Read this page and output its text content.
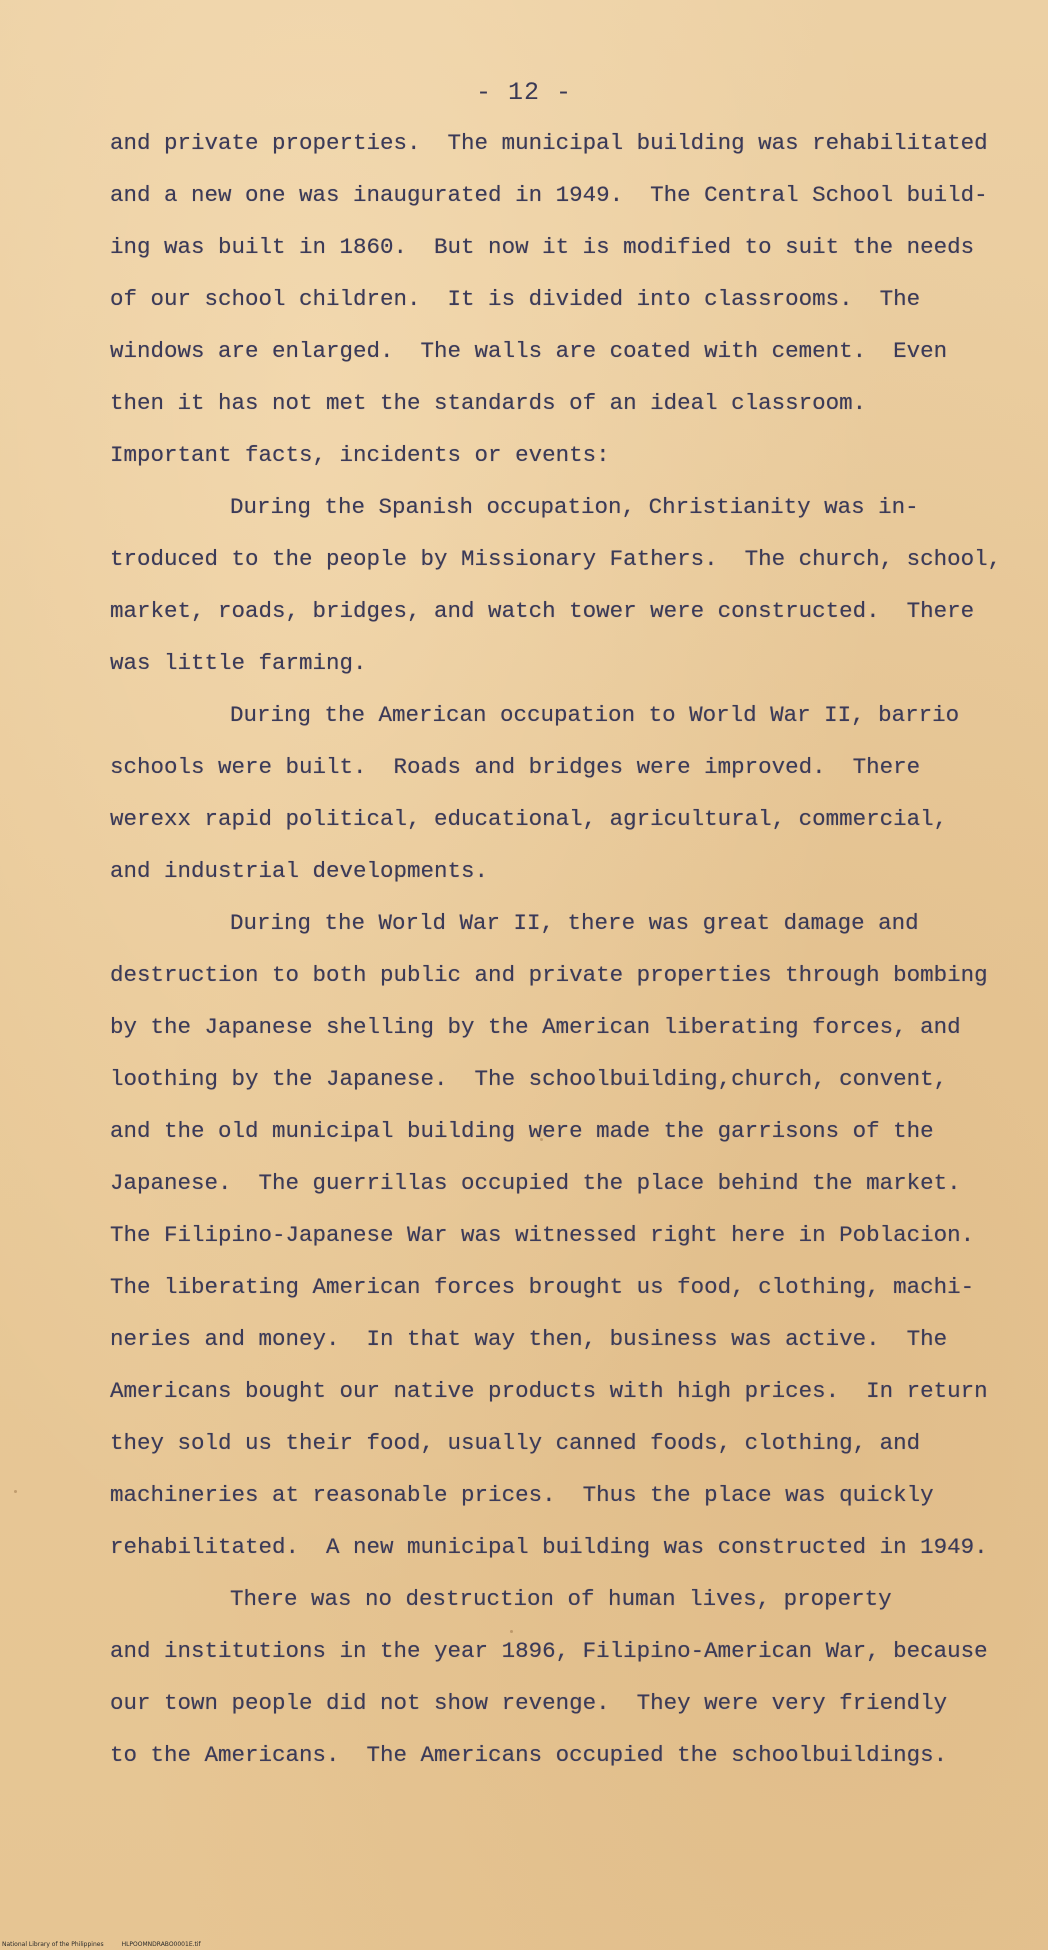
- 12 -
and private properties.  The municipal building was rehabilitated
and a new one was inaugurated in 1949.  The Central School build-
ing was built in 1860.  But now it is modified to suit the needs
of our school children.  It is divided into classrooms.  The
windows are enlarged.  The walls are coated with cement.  Even
then it has not met the standards of an ideal classroom.
Important facts, incidents or events:
During the Spanish occupation, Christianity was in-
troduced to the people by Missionary Fathers.  The church, school,
market, roads, bridges, and watch tower were constructed.  There
was little farming.
During the American occupation to World War II, barrio
schools were built.  Roads and bridges were improved.  There
werexx rapid political, educational, agricultural, commercial,
and industrial developments.
During the World War II, there was great damage and
destruction to both public and private properties through bombing
by the Japanese shelling by the American liberating forces, and
loothing by the Japanese.  The schoolbuilding,church, convent,
and the old municipal building were made the garrisons of the
Japanese.  The guerrillas occupied the place behind the market.
The Filipino-Japanese War was witnessed right here in Poblacion.
The liberating American forces brought us food, clothing, machi-
neries and money.  In that way then, business was active.  The
Americans bought our native products with high prices.  In return
they sold us their food, usually canned foods, clothing, and
machineries at reasonable prices.  Thus the place was quickly
rehabilitated.  A new municipal building was constructed in 1949.
There was no destruction of human lives, property
and institutions in the year 1896, Filipino-American War, because
our town people did not show revenge.  They were very friendly
to the Americans.  The Americans occupied the schoolbuildings.
National Library of the Philippines	HLPOOMNDRABO0001E.tif
